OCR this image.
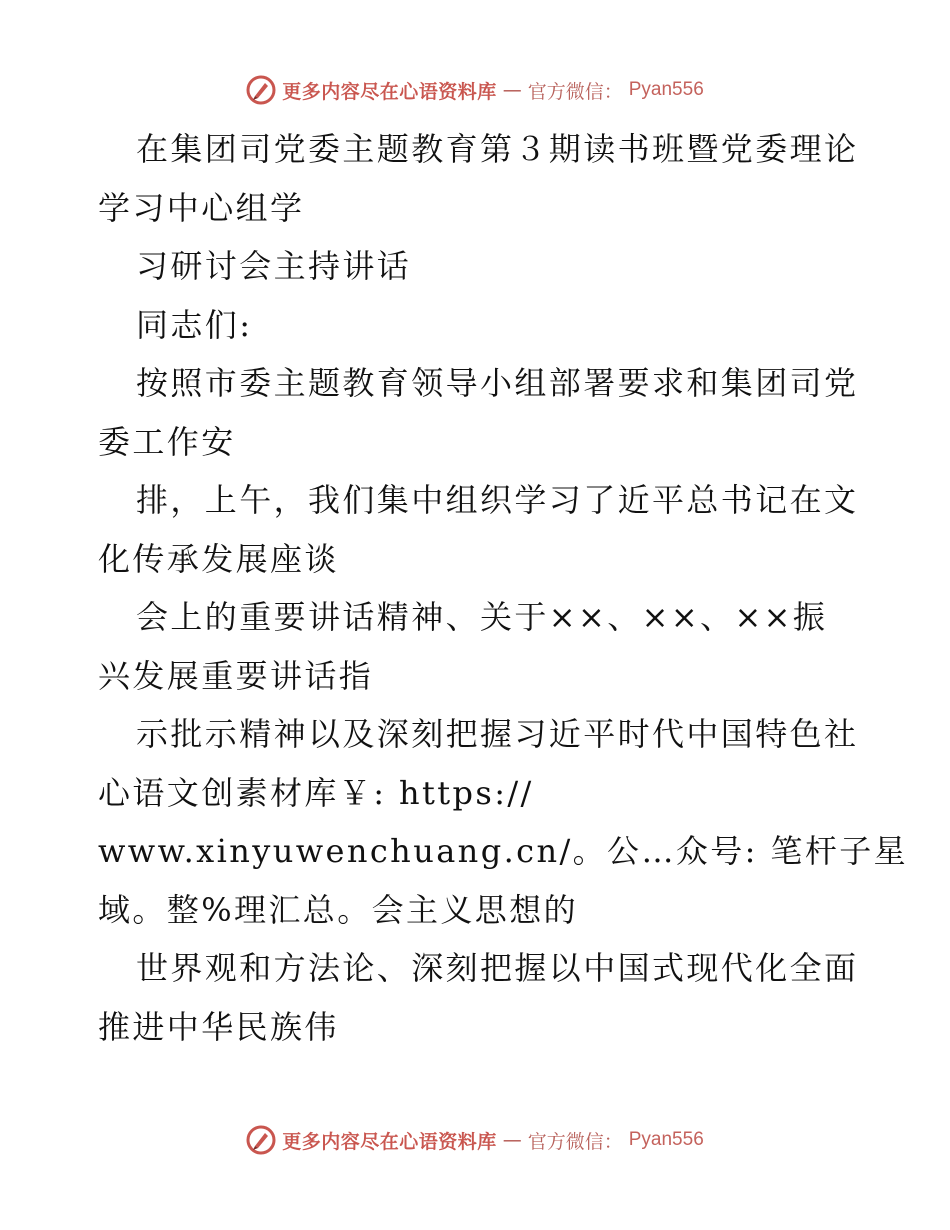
更多内容尽在心语资料库 — 官方微信： Pyan556
在集团司党委主题教育第３期读书班暨党委理论
学习中心组学
习研讨会主持讲话
同志们:
按照市委主题教育领导小组部署要求和集团司党
委工作安
排，上午，我们集中组织学习了近平总书记在文
化传承发展座谈
会上的重要讲话精神、关于××、××、××振
兴发展重要讲话指
示批示精神以及深刻把握习近平时代中国特色社
心语文创素材库￥: https://
www.xinyuwenchuang.cn/。公…众号: 笔杆子星
域。整%理汇总。会主义思想的
世界观和方法论、深刻把握以中国式现代化全面
推进中华民族伟
更多内容尽在心语资料库 — 官方微信： Pyan556
